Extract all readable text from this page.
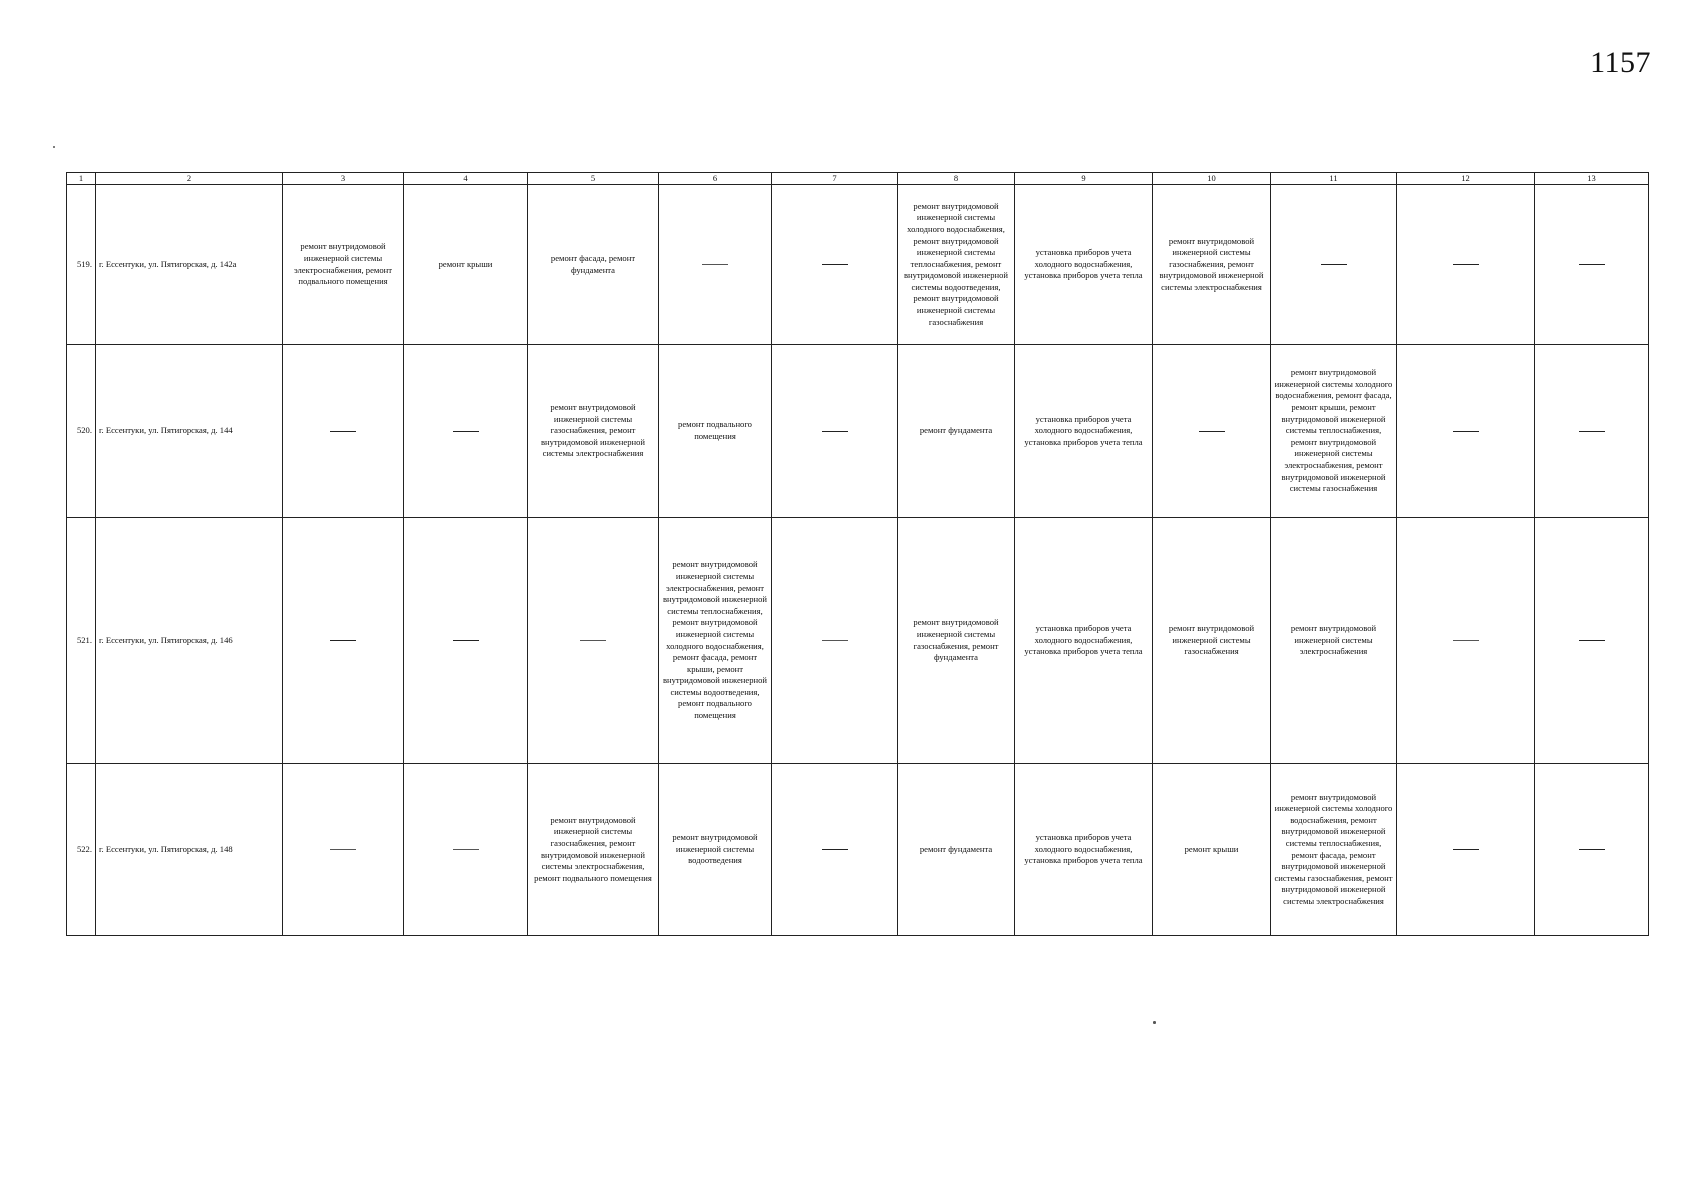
1157
1	2	3	4	5	6	7	8	9	10	11	12	13
519.	г. Ессентуки, ул. Пятигорская, д. 142а	ремонт внутридомовой инженерной системы электроснабжения, ремонт подвального помещения	ремонт крыши	ремонт фасада, ремонт фундамента			ремонт внутридомовой инженерной системы холодного водоснабжения, ремонт внутридомовой инженерной системы теплоснабжения, ремонт внутридомовой инженерной системы водоотведения, ремонт внутридомовой инженерной системы газоснабжения	установка приборов учета холодного водоснабжения, установка приборов учета тепла	ремонт внутридомовой инженерной системы газоснабжения, ремонт внутридомовой инженерной системы электроснабжения			
520.	г. Ессентуки, ул. Пятигорская, д. 144			ремонт внутридомовой инженерной системы газоснабжения, ремонт внутридомовой инженерной системы электроснабжения	ремонт подвального помещения		ремонт фундамента	установка приборов учета холодного водоснабжения, установка приборов учета тепла		ремонт внутридомовой инженерной системы холодного водоснабжения, ремонт фасада, ремонт крыши, ремонт внутридомовой инженерной системы теплоснабжения, ремонт внутридомовой инженерной системы электроснабжения, ремонт внутридомовой инженерной системы газоснабжения		
521.	г. Ессентуки, ул. Пятигорская, д. 146				ремонт внутридомовой инженерной системы электроснабжения, ремонт внутридомовой инженерной системы теплоснабжения, ремонт внутридомовой инженерной системы холодного водоснабжения, ремонт фасада, ремонт крыши, ремонт внутридомовой инженерной системы водоотведения, ремонт подвального помещения		ремонт внутридомовой инженерной системы газоснабжения, ремонт фундамента	установка приборов учета холодного водоснабжения, установка приборов учета тепла	ремонт внутридомовой инженерной системы газоснабжения	ремонт внутридомовой инженерной системы электроснабжения		
522.	г. Ессентуки, ул. Пятигорская, д. 148			ремонт внутридомовой инженерной системы газоснабжения, ремонт внутридомовой инженерной системы электроснабжения, ремонт подвального помещения	ремонт внутридомовой инженерной системы водоотведения		ремонт фундамента	установка приборов учета холодного водоснабжения, установка приборов учета тепла	ремонт крыши	ремонт внутридомовой инженерной системы холодного водоснабжения, ремонт внутридомовой инженерной системы теплоснабжения, ремонт фасада, ремонт внутридомовой инженерной системы газоснабжения, ремонт внутридомовой инженерной системы электроснабжения		
